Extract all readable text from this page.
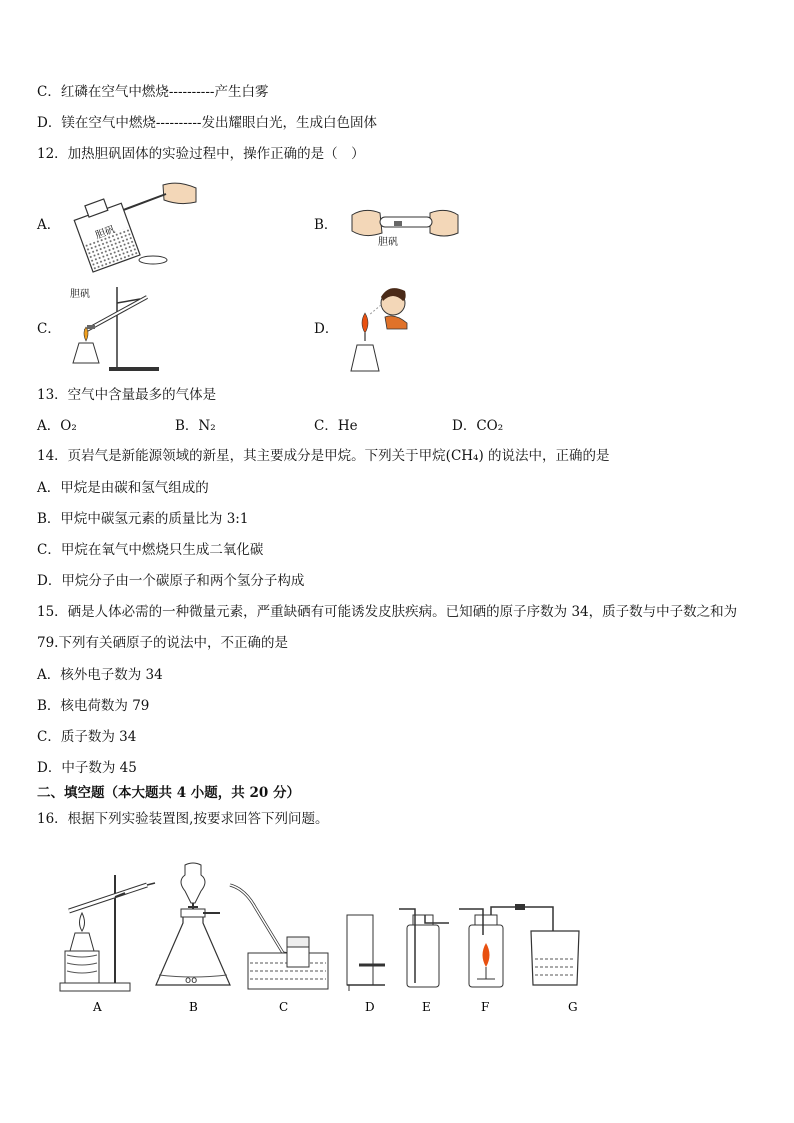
C．红磷在空气中燃烧----------产生白雾
D．镁在空气中燃烧----------发出耀眼白光，生成白色固体
12．加热胆矾固体的实验过程中，操作正确的是（　）
A．	B．
C．	D．
胆矾
胆矾
胆矾
13．空气中含量最多的气体是
A．O₂	B．N₂	C．He	D．CO₂
14．页岩气是新能源领域的新星，其主要成分是甲烷。下列关于甲烷(CH₄) 的说法中，正确的是
A．甲烷是由碳和氢气组成的
B．甲烷中碳氢元素的质量比为 3:1
C．甲烷在氧气中燃烧只生成二氧化碳
D．甲烷分子由一个碳原子和两个氢分子构成
15．硒是人体必需的一种微量元素，严重缺硒有可能诱发皮肤疾病。已知硒的原子序数为 34，质子数与中子数之和为
79.下列有关硒原子的说法中，不正确的是
A．核外电子数为 34
B．核电荷数为 79
C．质子数为 34
D．中子数为 45
二、填空题（本大题共 4 小题，共 20 分）
16．根据下列实验装置图,按要求回答下列问题。
oo
A	B	C	D	E	F	G
